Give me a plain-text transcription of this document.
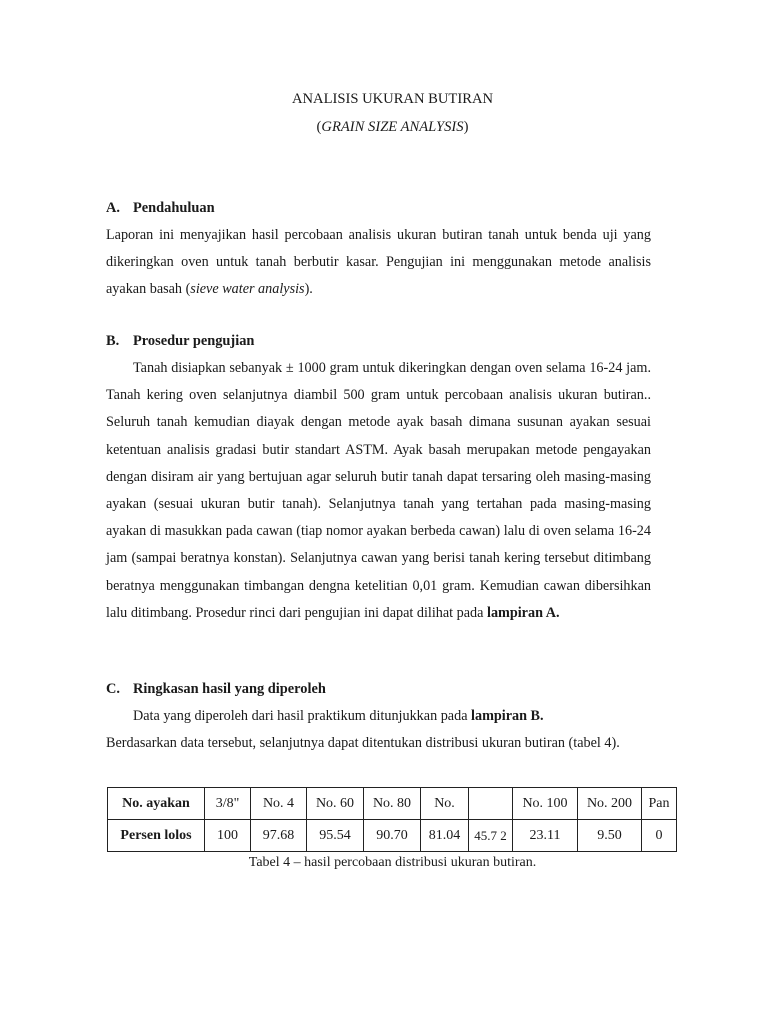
ANALISIS UKURAN BUTIRAN
(GRAIN SIZE ANALYSIS)
A. Pendahuluan
Laporan ini menyajikan hasil percobaan analisis ukuran butiran tanah untuk benda uji yang dikeringkan oven untuk tanah berbutir kasar. Pengujian ini menggunakan metode analisis ayakan basah (sieve water analysis).
B. Prosedur pengujian
Tanah disiapkan sebanyak ± 1000 gram untuk dikeringkan dengan oven selama 16-24 jam. Tanah kering oven selanjutnya diambil 500 gram untuk percobaan analisis ukuran butiran.. Seluruh tanah kemudian diayak dengan metode ayak basah dimana susunan ayakan sesuai ketentuan analisis gradasi butir standart ASTM. Ayak basah merupakan metode pengayakan dengan disiram air yang bertujuan agar seluruh butir tanah dapat tersaring oleh masing-masing ayakan (sesuai ukuran butir tanah). Selanjutnya tanah yang tertahan pada masing-masing ayakan di masukkan pada cawan (tiap nomor ayakan berbeda cawan) lalu di oven selama 16-24 jam (sampai beratnya konstan). Selanjutnya cawan yang berisi tanah kering tersebut ditimbang beratnya menggunakan timbangan dengna ketelitian 0,01 gram. Kemudian cawan dibersihkan lalu ditimbang. Prosedur rinci dari pengujian ini dapat dilihat pada lampiran A.
C. Ringkasan hasil yang diperoleh
Data yang diperoleh dari hasil praktikum ditunjukkan pada lampiran B.
Berdasarkan data tersebut, selanjutnya dapat ditentukan distribusi ukuran butiran (tabel 4).
No. ayakan	3/8"	No. 4	No. 60	No. 80	No.		No. 100	No. 200	Pan
Persen lolos	100	97.68	95.54	90.70	81.04	45.7 2	23.11	9.50	0
Tabel 4 – hasil percobaan distribusi ukuran butiran.
